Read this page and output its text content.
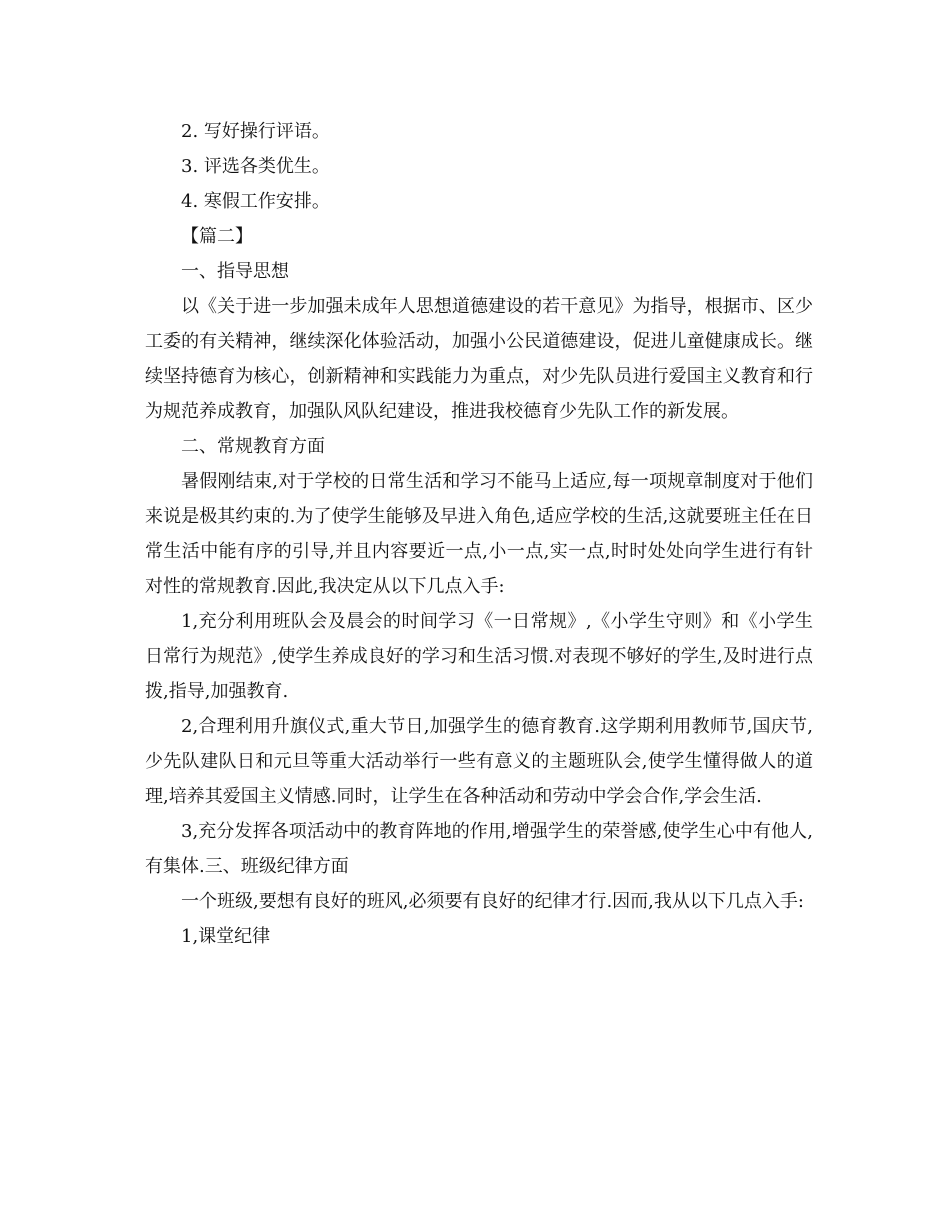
2. 写好操行评语。

3. 评选各类优生。

4. 寒假工作安排。

【篇二】

一、指导思想

以《关于进一步加强未成年人思想道德建设的若干意见》为指导，根据市、区少工委的有关精神，继续深化体验活动，加强小公民道德建设，促进儿童健康成长。继续坚持德育为核心，创新精神和实践能力为重点，对少先队员进行爱国主义教育和行为规范养成教育，加强队风队纪建设，推进我校德育少先队工作的新发展。

二、常规教育方面

暑假刚结束,对于学校的日常生活和学习不能马上适应,每一项规章制度对于他们来说是极其约束的.为了使学生能够及早进入角色,适应学校的生活,这就要班主任在日常生活中能有序的引导,并且内容要近一点,小一点,实一点,时时处处向学生进行有针对性的常规教育.因此,我决定从以下几点入手:

1,充分利用班队会及晨会的时间学习《一日常规》,《小学生守则》和《小学生日常行为规范》,使学生养成良好的学习和生活习惯.对表现不够好的学生,及时进行点拨,指导,加强教育.

2,合理利用升旗仪式,重大节日,加强学生的德育教育.这学期利用教师节,国庆节,少先队建队日和元旦等重大活动举行一些有意义的主题班队会,使学生懂得做人的道理,培养其爱国主义情感.同时，让学生在各种活动和劳动中学会合作,学会生活.

3,充分发挥各项活动中的教育阵地的作用,增强学生的荣誉感,使学生心中有他人,有集体.三、班级纪律方面

一个班级,要想有良好的班风,必须要有良好的纪律才行.因而,我从以下几点入手:

1,课堂纪律
